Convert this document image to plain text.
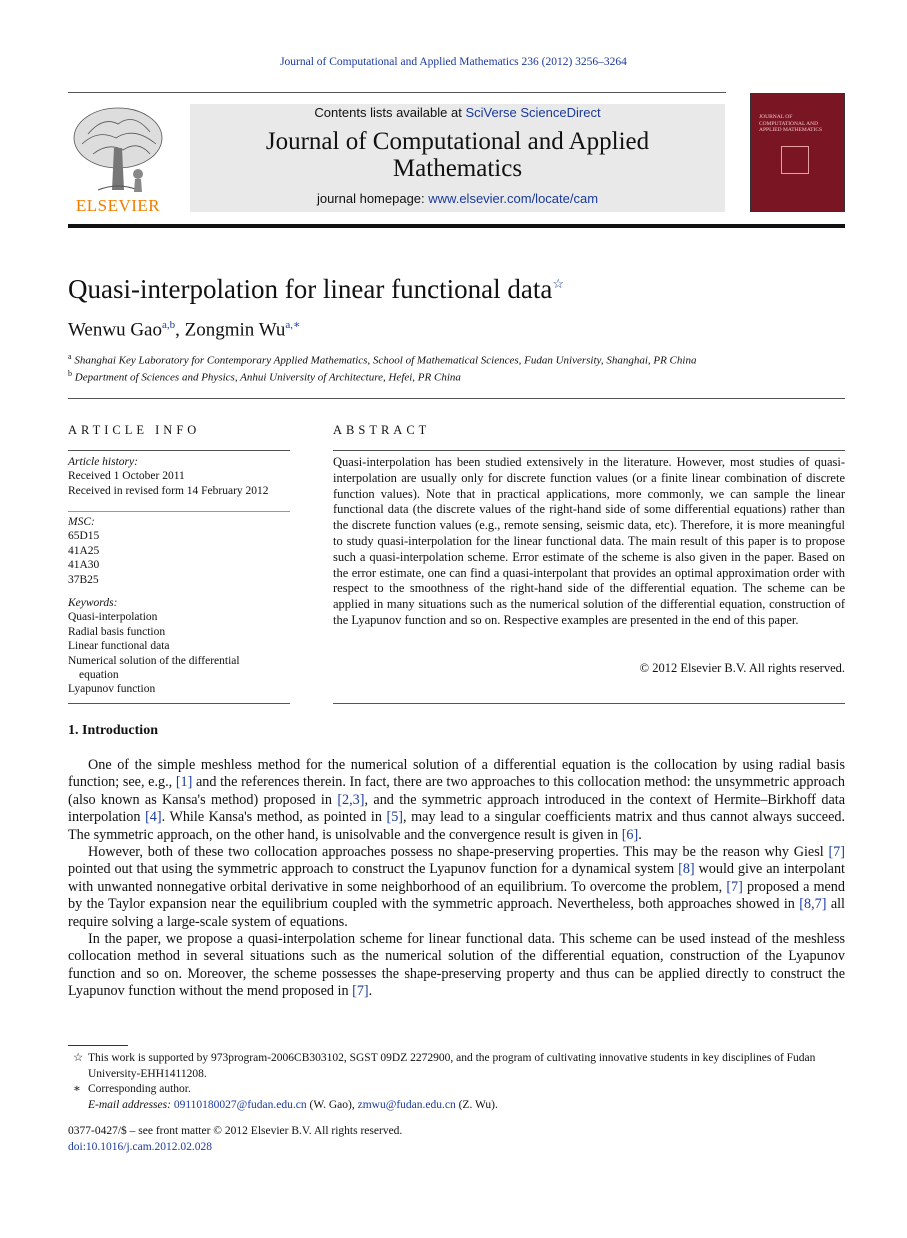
Journal of Computational and Applied Mathematics 236 (2012) 3256–3264
ELSEVIER
Contents lists available at SciVerse ScienceDirect
Journal of Computational and Applied
Mathematics
journal homepage: www.elsevier.com/locate/cam
JOURNAL OF COMPUTATIONAL AND APPLIED MATHEMATICS
Quasi-interpolation for linear functional data☆
Wenwu Gao$^{a,b}$, Zongmin $Wu^{a,∗}$
$^a$ Shanghai Key Laboratory for Contemporary Applied Mathematics, School of Mathematical Sciences, Fudan University, Shanghai, PR China
$^b$ Department of Sciences and Physics, Anhui University of Architecture, Hefei, PR China
ARTICLE INFO	ABSTRACT
Article history:
Received 1 October 2011
Received in revised form 14 February 2012
MSC:
65D15
41A25
41A30
37B25
Keywords:
Quasi-interpolation
Radial basis function
Linear functional data
Numerical solution of the differential
equation
Lyapunov function
Quasi-interpolation has been studied extensively in the literature. However, most studies of quasi-interpolation are usually only for discrete function values (or a finite linear combination of discrete function values). Note that in practical applications, more commonly, we can sample the linear functional data (the discrete values of the right-hand side of some differential equations) rather than the discrete function values (e.g., remote sensing, seismic data, etc). Therefore, it is more meaningful to study quasi-interpolation for the linear functional data. The main result of this paper is to propose such a quasi-interpolation scheme. Error estimate of the scheme is also given in the paper. Based on the error estimate, one can find a quasi-interpolant that provides an optimal approximation order with respect to the smoothness of the right-hand side of the differential equation. The scheme can be applied in many situations such as the numerical solution of the differential equation, construction of the Lyapunov function and so on. Respective examples are presented in the end of this paper.
© 2012 Elsevier B.V. All rights reserved.
1. Introduction

One of the simple meshless method for the numerical solution of a differential equation is the collocation by using radial basis function; see, e.g., [1] and the references therein. In fact, there are two approaches to this collocation method: the unsymmetric approach (also known as Kansa's method) proposed in [2,3], and the symmetric approach introduced in the context of Hermite–Birkhoff data interpolation [4]. While Kansa's method, as pointed in [5], may lead to a singular coefficients matrix and thus cannot always succeed. The symmetric approach, on the other hand, is unisolvable and the convergence result is given in [6].

However, both of these two collocation approaches possess no shape-preserving properties. This may be the reason why Giesl [7] pointed out that using the symmetric approach to construct the Lyapunov function for a dynamical system [8] would give an interpolant with unwanted nonnegative orbital derivative in some neighborhood of an equilibrium. To overcome the problem, [7] proposed a mend by the Taylor expansion near the equilibrium coupled with the symmetric approach. Nevertheless, both approaches showed in [8,7] all require solving a large-scale system of equations.

In the paper, we propose a quasi-interpolation scheme for linear functional data. This scheme can be used instead of the meshless collocation method in several situations such as the numerical solution of the differential equation, construction of the Lyapunov function and so on. Moreover, the scheme possesses the shape-preserving property and thus can be applied directly to construct the Lyapunov function without the mend proposed in [7].

☆ This work is supported by 973program-2006CB303102, SGST 09DZ 2272900, and the program of cultivating innovative students in key disciplines of Fudan University-EHH1411208.
∗ Corresponding author.
E-mail addresses: 09110180027@fudan.edu.cn (W. Gao), zmwu@fudan.edu.cn (Z. Wu).
0377-0427/$ – see front matter © 2012 Elsevier B.V. All rights reserved.
doi:10.1016/j.cam.2012.02.028
